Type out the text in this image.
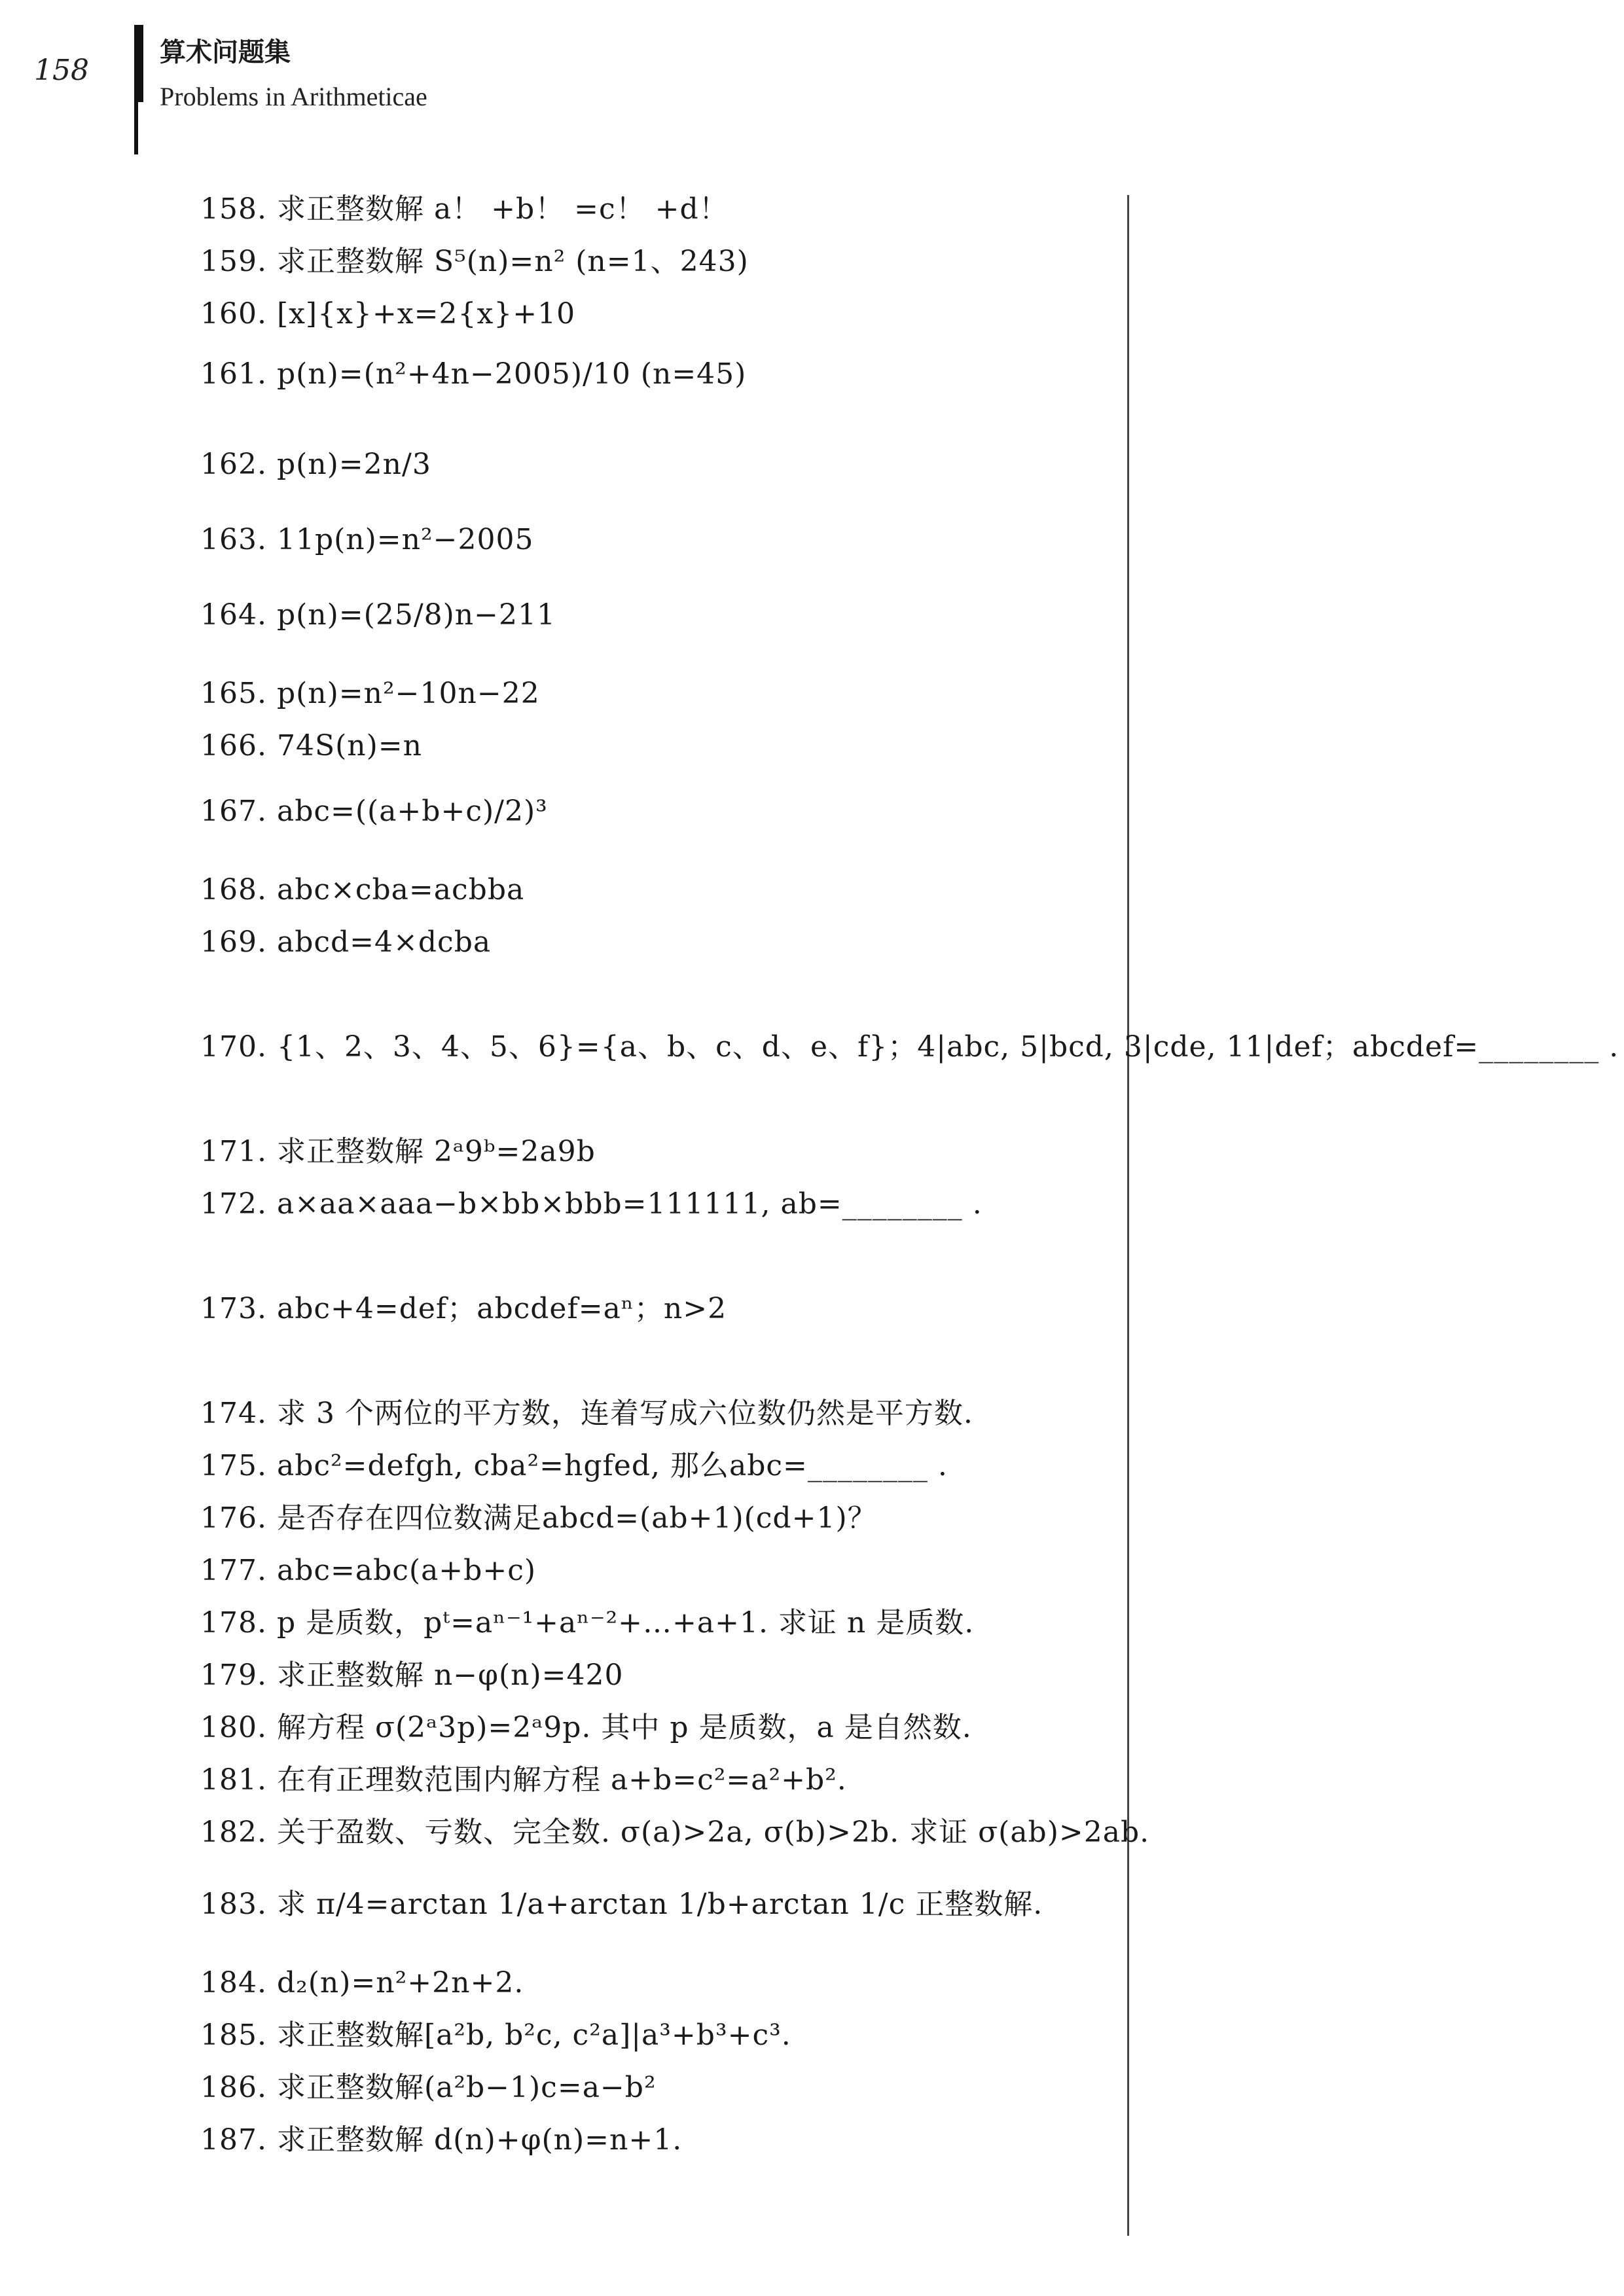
158
算术问题集
Problems in Arithmeticae
158. 求正整数解 a！ +b！ =c！ +d！
159. 求正整数解 S⁵(n)=n² (n=1、243)
160. [x]{x}+x=2{x}+10
161. p(n)=(n²+4n−2005)/10 (n=45)
162. p(n)=2n/3
163. 11p(n)=n²−2005
164. p(n)=(25/8)n−211
165. p(n)=n²−10n−22
166. 74S(n)=n
167. abc=((a+b+c)/2)³
168. abc×cba=acbba
169. abcd=4×dcba
170. {1、2、3、4、5、6}={a、b、c、d、e、f}；4|abc, 5|bcd, 3|cde, 11|def；abcdef=________ .
171. 求正整数解 2ᵃ9ᵇ=2a9b
172. a×aa×aaa−b×bb×bbb=111111, ab=________ .
173. abc+4=def；abcdef=aⁿ；n>2
174. 求 3 个两位的平方数，连着写成六位数仍然是平方数.
175. abc²=defgh, cba²=hgfed, 那么abc=________ .
176. 是否存在四位数满足abcd=(ab+1)(cd+1)？
177. abc=abc(a+b+c)
178. p 是质数，pᵗ=aⁿ⁻¹+aⁿ⁻²+…+a+1. 求证 n 是质数.
179. 求正整数解 n−φ(n)=420
180. 解方程 σ(2ᵃ3p)=2ᵃ9p. 其中 p 是质数，a 是自然数.
181. 在有正理数范围内解方程 a+b=c²=a²+b².
182. 关于盈数、亏数、完全数. σ(a)>2a, σ(b)>2b. 求证 σ(ab)>2ab.
183. 求 π/4=arctan 1/a+arctan 1/b+arctan 1/c 正整数解.
184. d₂(n)=n²+2n+2.
185. 求正整数解[a²b, b²c, c²a]|a³+b³+c³.
186. 求正整数解(a²b−1)c=a−b²
187. 求正整数解 d(n)+φ(n)=n+1.
